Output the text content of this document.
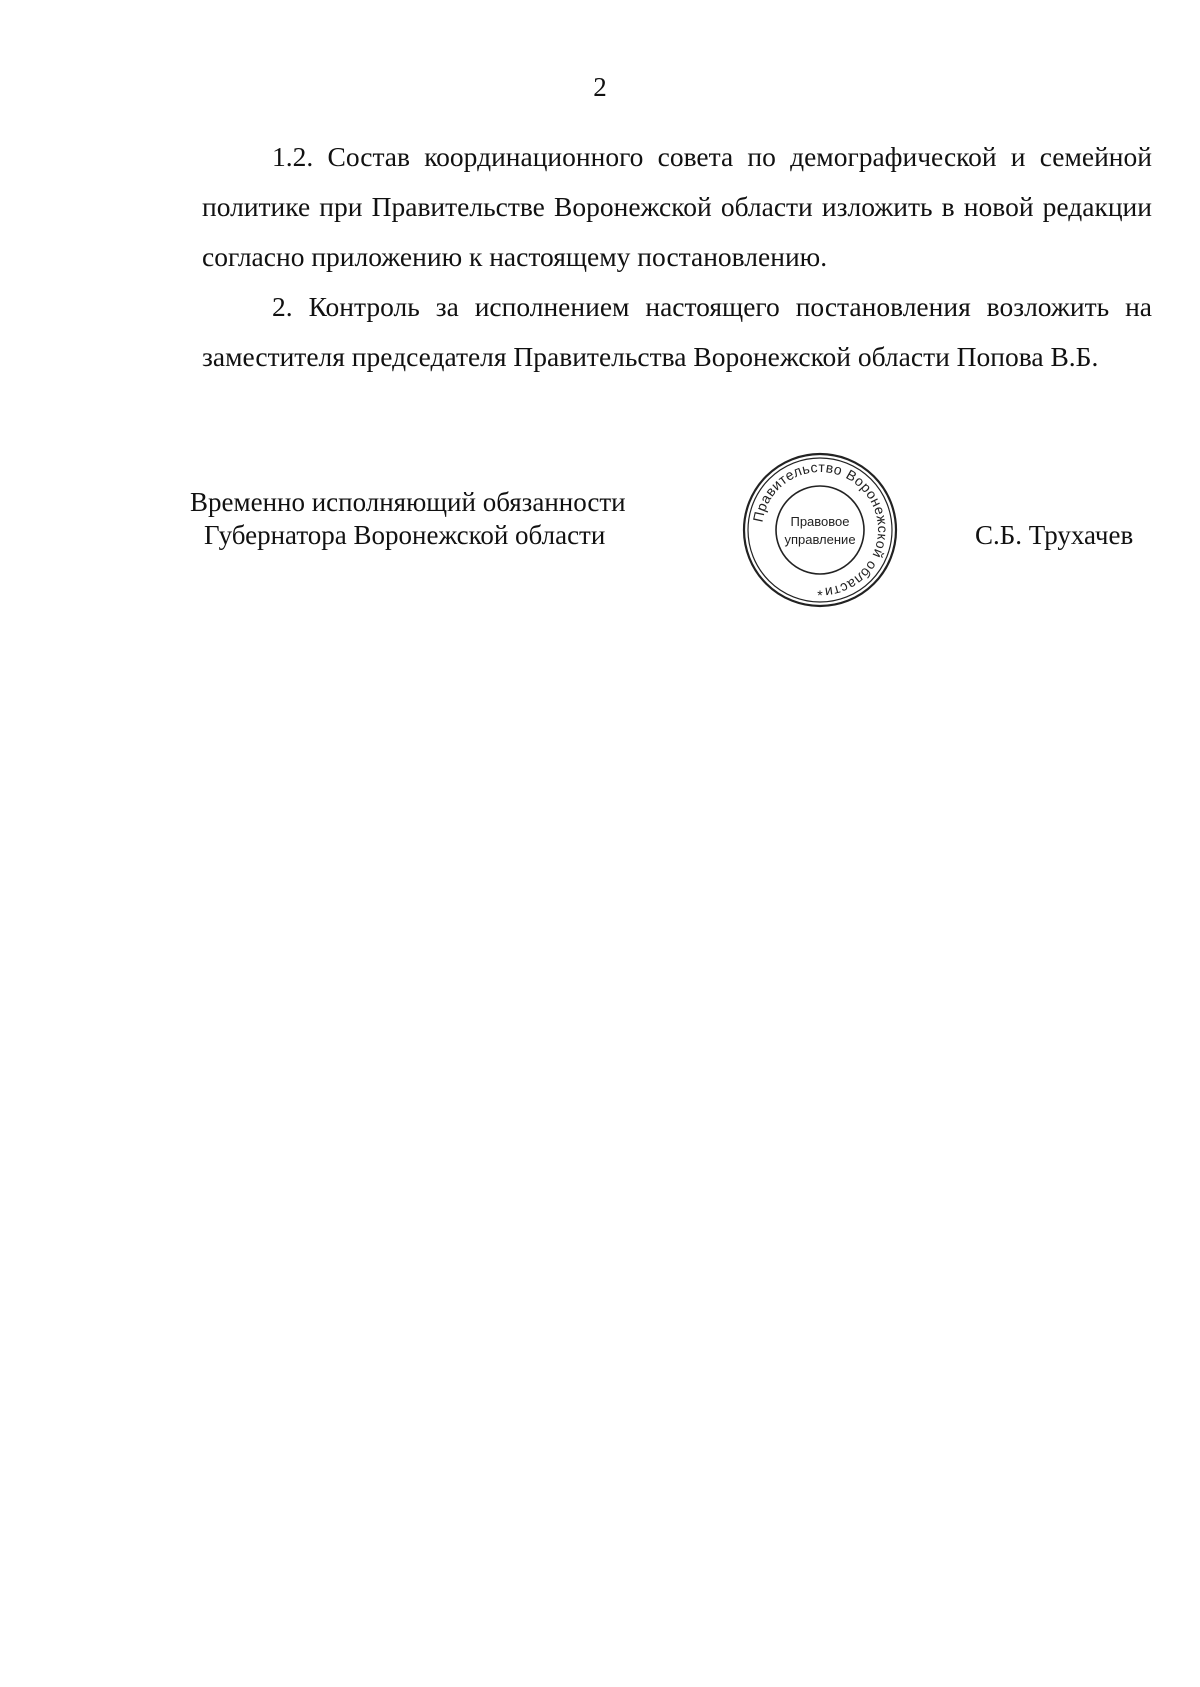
2

1.2. Состав координационного совета по демографической и семейной политике при Правительстве Воронежской области изложить в новой редакции согласно приложению к настоящему постановлению.

2. Контроль за исполнением настоящего постановления возложить на заместителя председателя Правительства Воронежской области Попова В.Б.

Временно исполняющий обязанности
Губернатора Воронежской области
Правительство Воронежской области
Правовое
управление
*
С.Б. Трухачев
